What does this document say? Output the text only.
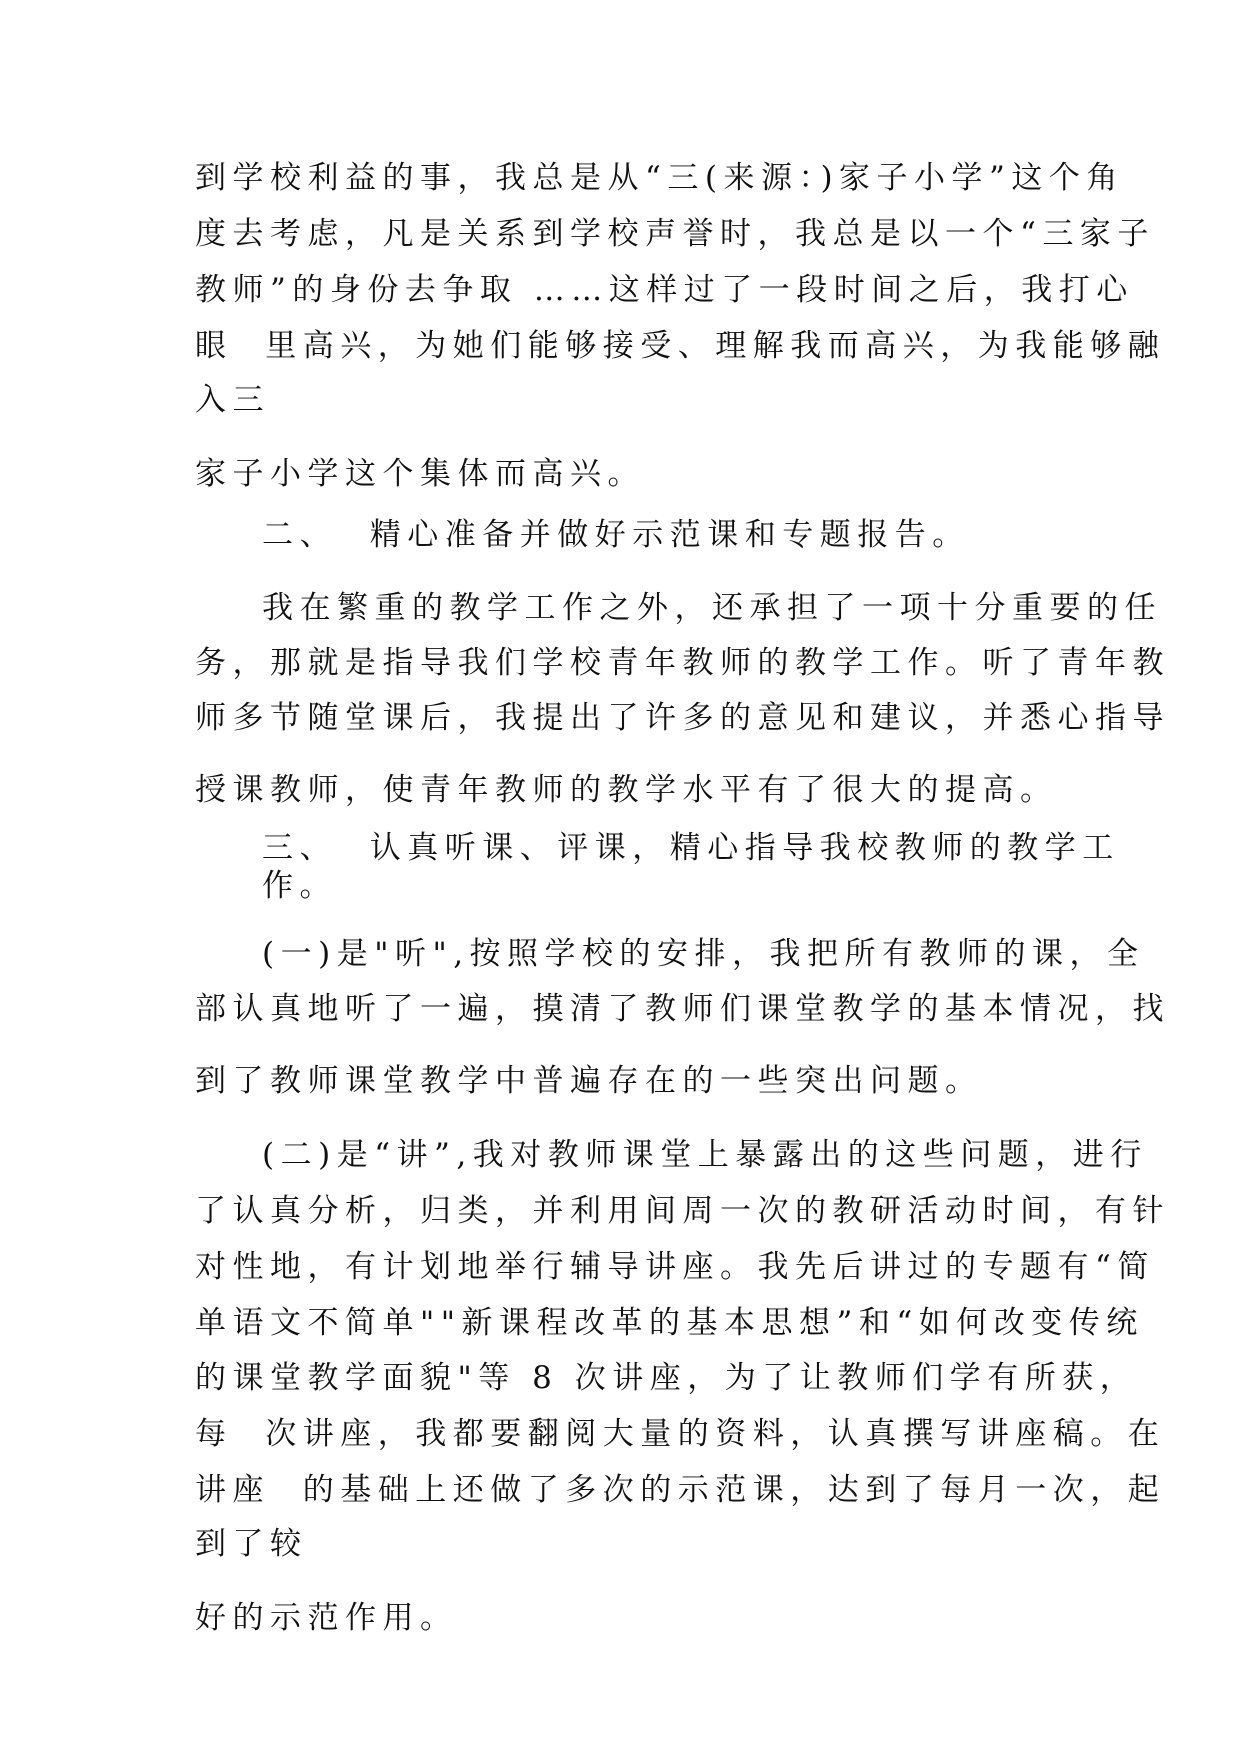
到学校利益的事，我总是从“三(来源：)家子小学”这个角
度去考虑，凡是关系到学校声誉时，我总是以一个“三家子
教师”的身份去争取 ……这样过了一段时间之后，我打心
眼  里高兴，为她们能够接受、理解我而高兴，为我能够融
入三
家子小学这个集体而高兴。
二、  精心准备并做好示范课和专题报告。
我在繁重的教学工作之外，还承担了一项十分重要的任
务，那就是指导我们学校青年教师的教学工作。听了青年教
师多节随堂课后，我提出了许多的意见和建议，并悉心指导
授课教师，使青年教师的教学水平有了很大的提高。
三、  认真听课、评课，精心指导我校教师的教学工
作。
(一)是"听",按照学校的安排，我把所有教师的课，全
部认真地听了一遍，摸清了教师们课堂教学的基本情况，找
到了教师课堂教学中普遍存在的一些突出问题。
(二)是“讲”,我对教师课堂上暴露出的这些问题，进行
了认真分析，归类，并利用间周一次的教研活动时间，有针
对性地，有计划地举行辅导讲座。我先后讲过的专题有“简
单语文不简单""新课程改革的基本思想”和“如何改变传统
的课堂教学面貌"等 8 次讲座，为了让教师们学有所获，
每  次讲座，我都要翻阅大量的资料，认真撰写讲座稿。在
讲座  的基础上还做了多次的示范课，达到了每月一次，起
到了较
好的示范作用。
